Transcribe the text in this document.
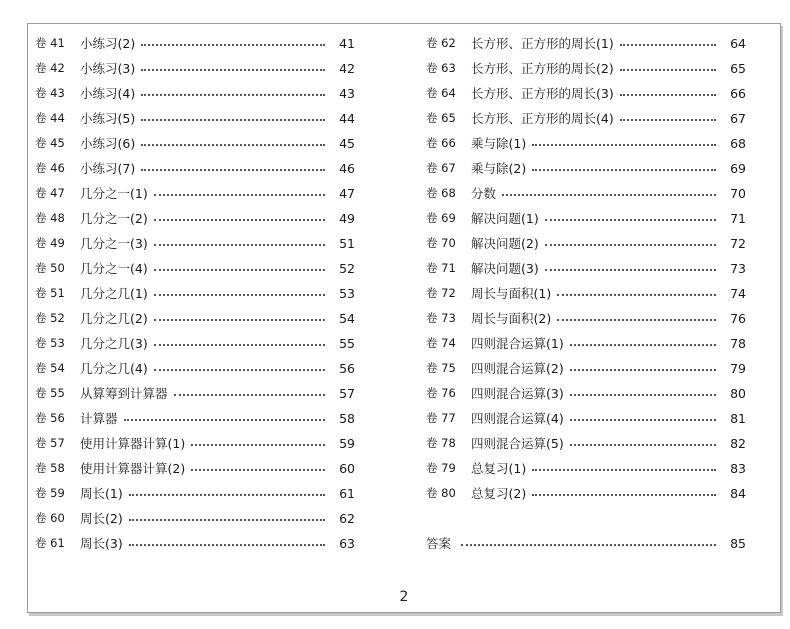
卷 41	小练习(2)	41
卷 42	小练习(3)	42
卷 43	小练习(4)	43
卷 44	小练习(5)	44
卷 45	小练习(6)	45
卷 46	小练习(7)	46
卷 47	几分之一(1)	47
卷 48	几分之一(2)	49
卷 49	几分之一(3)	51
卷 50	几分之一(4)	52
卷 51	几分之几(1)	53
卷 52	几分之几(2)	54
卷 53	几分之几(3)	55
卷 54	几分之几(4)	56
卷 55	从算筹到计算器	57
卷 56	计算器	58
卷 57	使用计算器计算(1)	59
卷 58	使用计算器计算(2)	60
卷 59	周长(1)	61
卷 60	周长(2)	62
卷 61	周长(3)	63
卷 62	长方形、正方形的周长(1)	64
卷 63	长方形、正方形的周长(2)	65
卷 64	长方形、正方形的周长(3)	66
卷 65	长方形、正方形的周长(4)	67
卷 66	乘与除(1)	68
卷 67	乘与除(2)	69
卷 68	分数	70
卷 69	解决问题(1)	71
卷 70	解决问题(2)	72
卷 71	解决问题(3)	73
卷 72	周长与面积(1)	74
卷 73	周长与面积(2)	76
卷 74	四则混合运算(1)	78
卷 75	四则混合运算(2)	79
卷 76	四则混合运算(3)	80
卷 77	四则混合运算(4)	81
卷 78	四则混合运算(5)	82
卷 79	总复习(1)	83
卷 80	总复习(2)	84
答案	85
2
